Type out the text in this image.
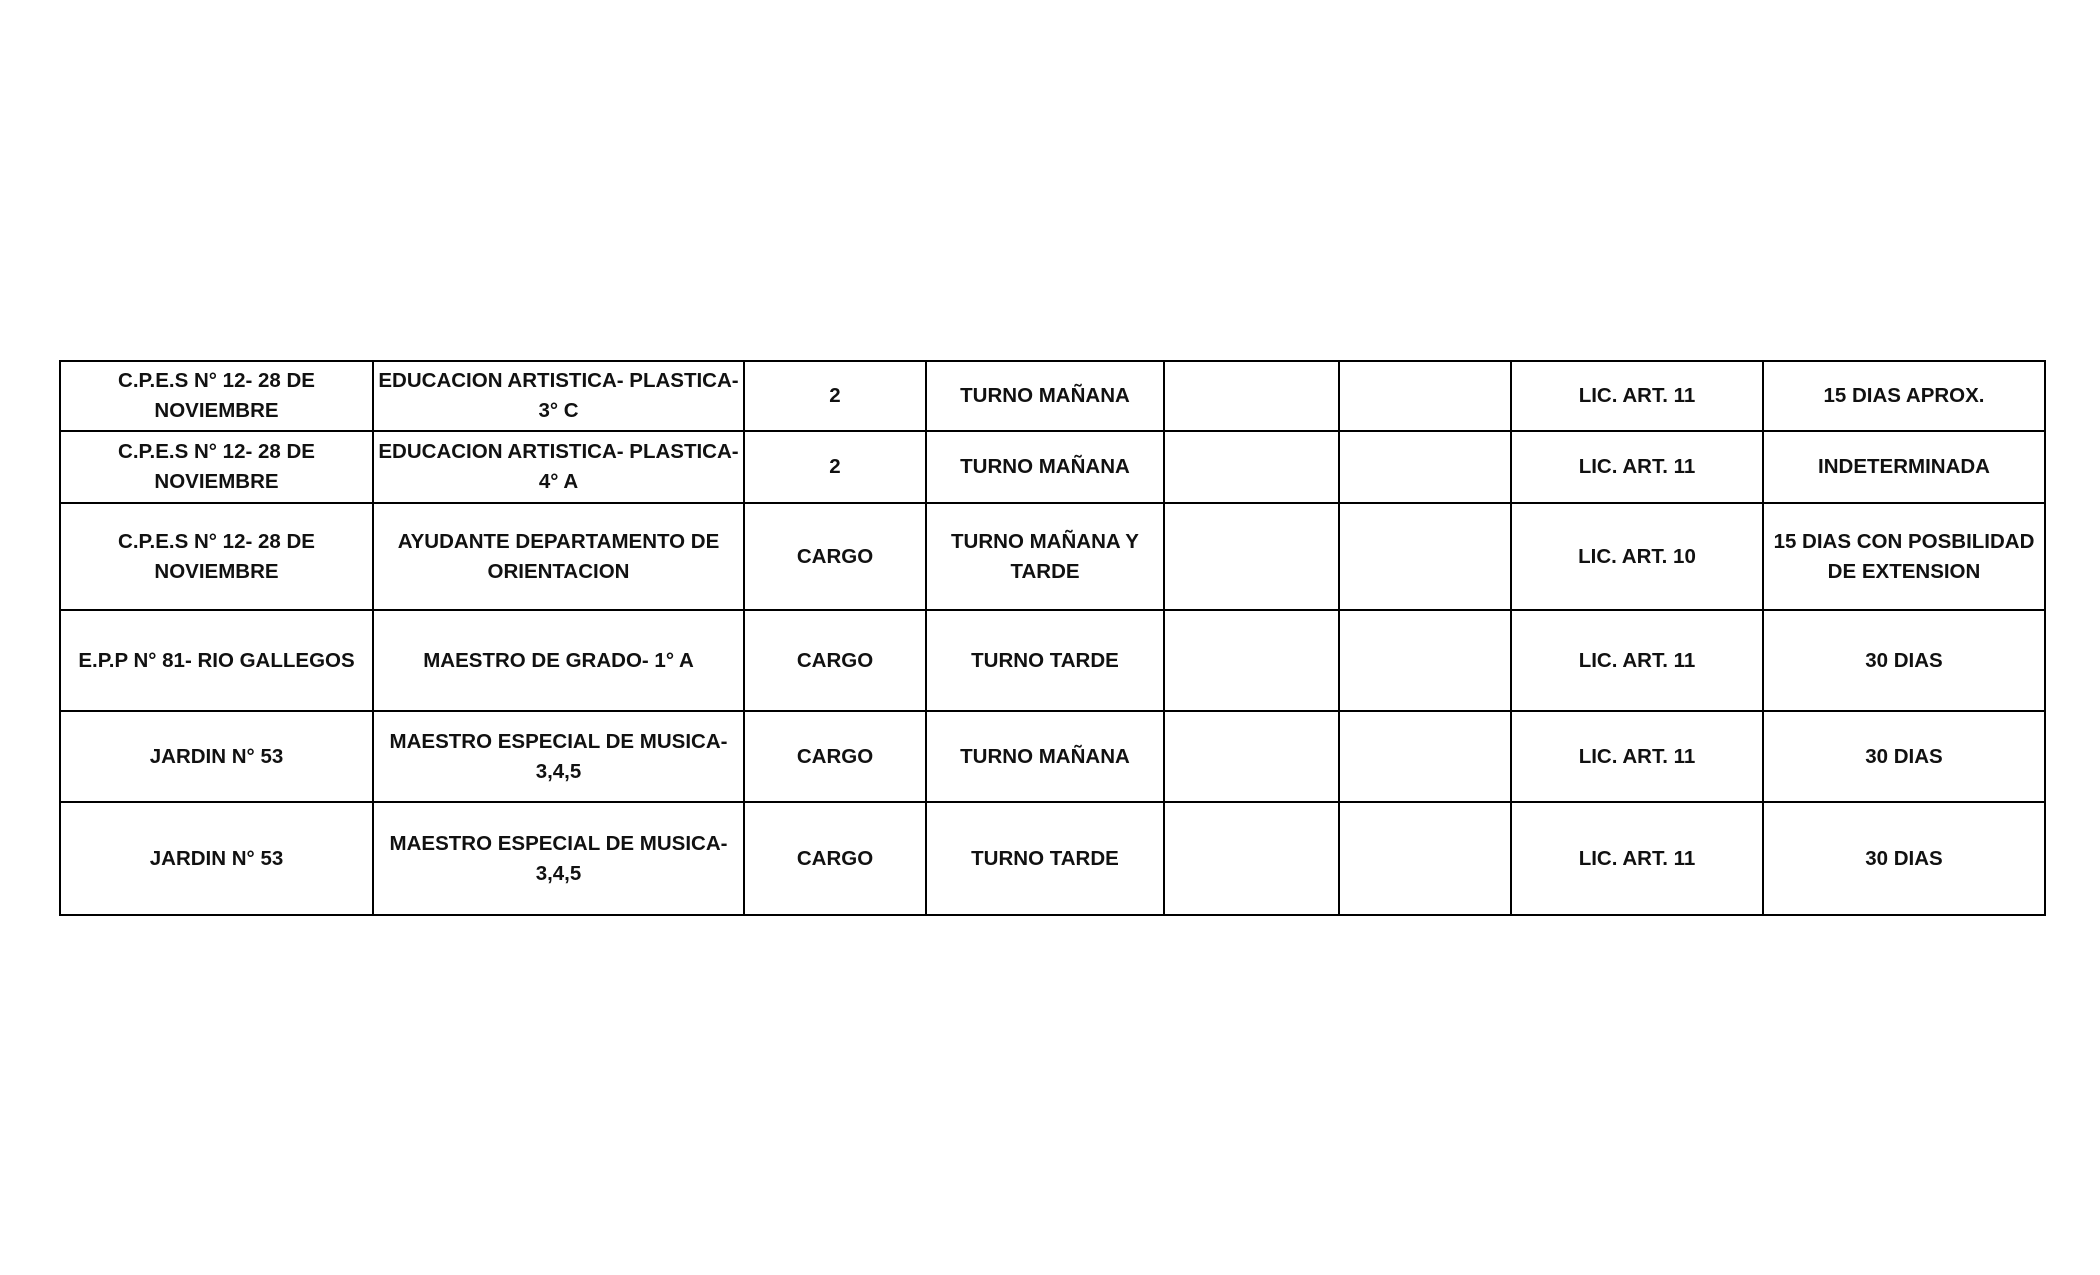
C.P.E.S N° 12- 28 DE NOVIEMBRE	EDUCACION ARTISTICA- PLASTICA- 3° C	2	TURNO MAÑANA			LIC. ART. 11	15 DIAS APROX.
C.P.E.S N° 12- 28 DE NOVIEMBRE	EDUCACION ARTISTICA- PLASTICA- 4° A	2	TURNO MAÑANA			LIC. ART. 11	INDETERMINADA
C.P.E.S N° 12- 28 DE NOVIEMBRE	AYUDANTE DEPARTAMENTO DE ORIENTACION	CARGO	TURNO MAÑANA Y TARDE			LIC. ART. 10	15 DIAS CON POSBILIDAD DE EXTENSION
E.P.P N° 81- RIO GALLEGOS	MAESTRO DE GRADO- 1° A	CARGO	TURNO TARDE			LIC. ART. 11	30 DIAS
JARDIN N° 53	MAESTRO ESPECIAL DE MUSICA- 3,4,5	CARGO	TURNO MAÑANA			LIC. ART. 11	30 DIAS
JARDIN N° 53	MAESTRO ESPECIAL DE MUSICA- 3,4,5	CARGO	TURNO TARDE			LIC. ART. 11	30 DIAS
